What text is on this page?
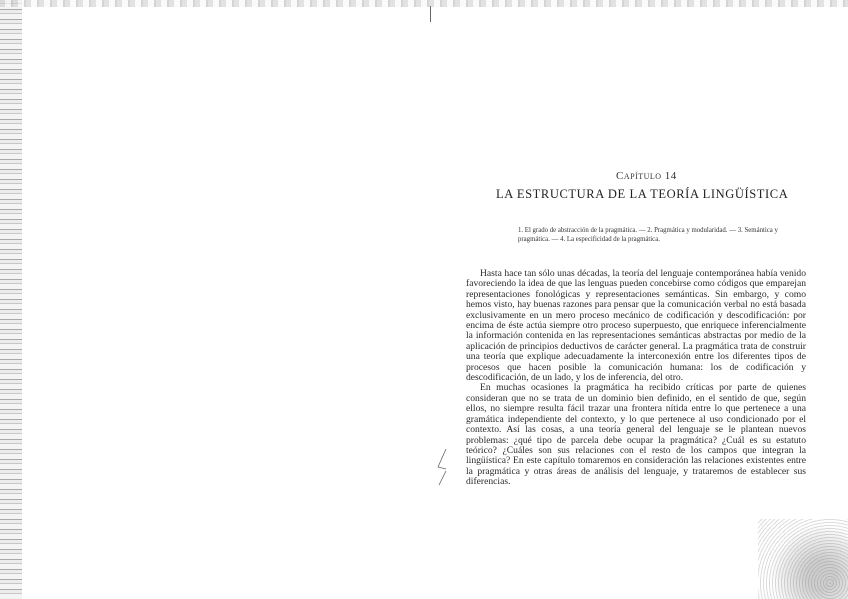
Capítulo 14
LA ESTRUCTURA DE LA TEORÍA LINGÜÍSTICA
1. El grado de abstracción de la pragmática. — 2. Pragmática y modularidad. — 3. Semántica y pragmática. — 4. La especificidad de la pragmática.

Hasta hace tan sólo unas décadas, la teoría del lenguaje contemporánea había venido favoreciendo la idea de que las lenguas pueden concebirse como códigos que emparejan representaciones fonológicas y representaciones semánticas. Sin embargo, y como hemos visto, hay buenas razones para pensar que la comunicación verbal no está basada exclusivamente en un mero proceso mecánico de codificación y descodificación: por encima de éste actúa siempre otro proceso superpuesto, que enriquece inferencialmente la información contenida en las representaciones semánticas abstractas por medio de la aplicación de principios deductivos de carácter general. La pragmática trata de construir una teoría que explique adecuadamente la interconexión entre los diferentes tipos de procesos que hacen posible la comunicación humana: los de codificación y descodificación, de un lado, y los de inferencia, del otro.

En muchas ocasiones la pragmática ha recibido críticas por parte de quienes consideran que no se trata de un dominio bien definido, en el sentido de que, según ellos, no siempre resulta fácil trazar una frontera nítida entre lo que pertenece a una gramática independiente del contexto, y lo que pertenece al uso condicionado por el contexto. Así las cosas, a una teoría general del lenguaje se le plantean nuevos problemas: ¿qué tipo de parcela debe ocupar la pragmática? ¿Cuál es su estatuto teórico? ¿Cuáles son sus relaciones con el resto de los campos que integran la lingüística? En este capítulo tomaremos en consideración las relaciones existentes entre la pragmática y otras áreas de análisis del lenguaje, y trataremos de establecer sus diferencias.
